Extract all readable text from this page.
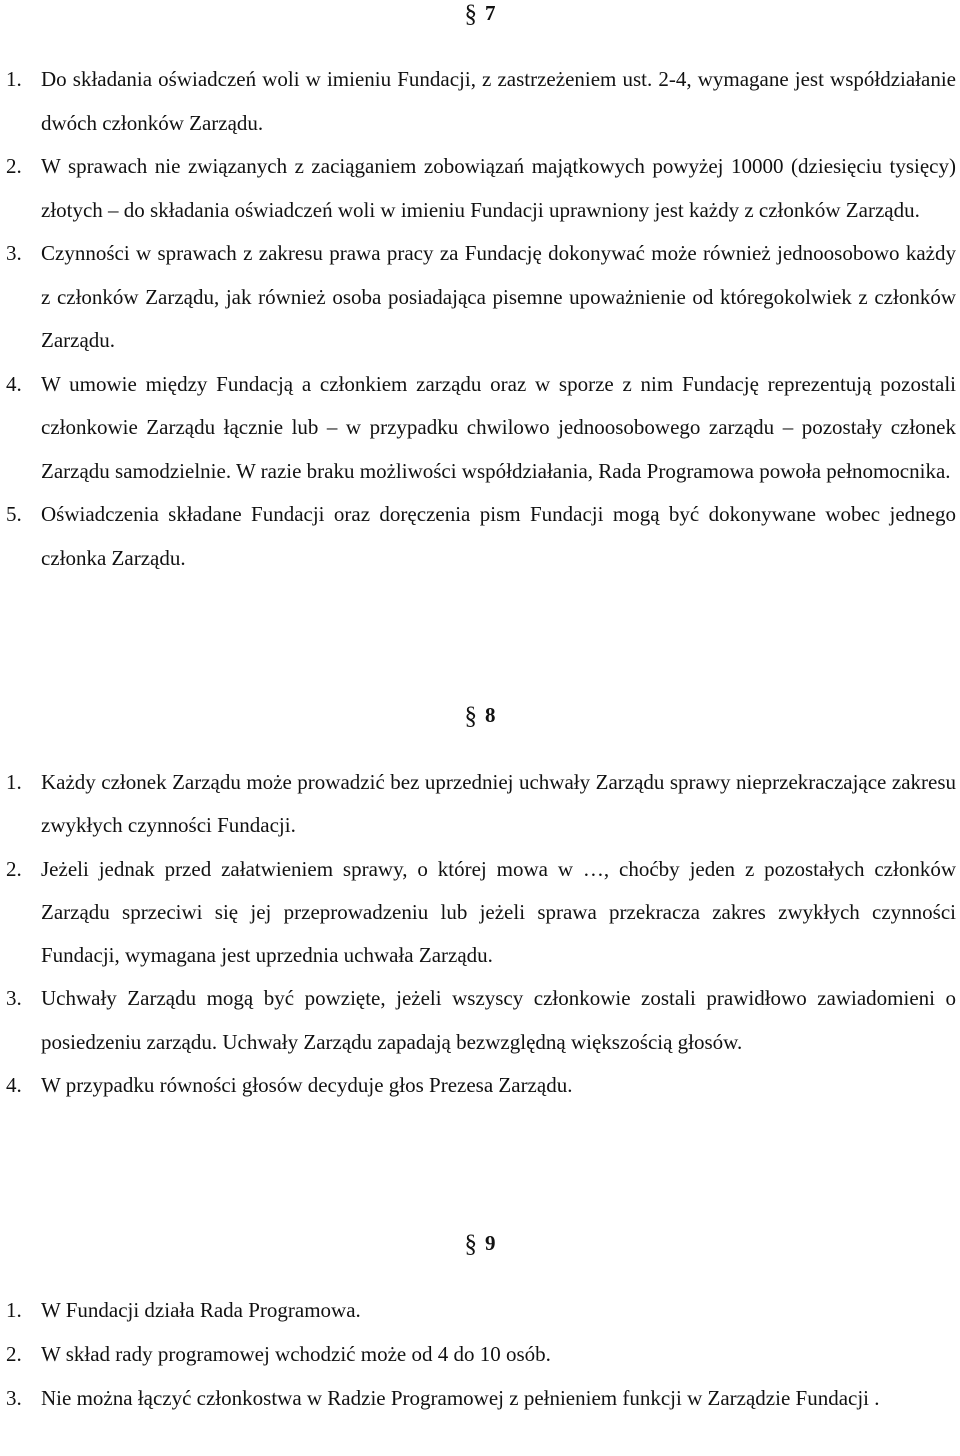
§ 7
1. Do składania oświadczeń woli w imieniu Fundacji, z zastrzeżeniem ust. 2-4, wymagane jest współdziałanie dwóch członków Zarządu.
2. W sprawach nie związanych z zaciąganiem zobowiązań majątkowych powyżej 10000 (dziesięciu tysięcy) złotych – do składania oświadczeń woli w imieniu Fundacji uprawniony jest każdy z członków Zarządu.
3. Czynności w sprawach z zakresu prawa pracy za Fundację dokonywać może również jednoosobowo każdy z członków Zarządu, jak również osoba posiadająca pisemne upoważnienie od któregokolwiek z członków Zarządu.
4. W umowie między Fundacją a członkiem zarządu oraz w sporze z nim Fundację reprezentują pozostali członkowie Zarządu łącznie lub – w przypadku chwilowo jednoosobowego zarządu – pozostały członek Zarządu samodzielnie. W razie braku możliwości współdziałania, Rada Programowa powoła pełnomocnika.
5. Oświadczenia składane Fundacji oraz doręczenia pism Fundacji mogą być dokonywane wobec jednego członka Zarządu.
§ 8
1. Każdy członek Zarządu może prowadzić bez uprzedniej uchwały Zarządu sprawy nieprzekraczające zakresu zwykłych czynności Fundacji.
2. Jeżeli jednak przed załatwieniem sprawy, o której mowa w …, choćby jeden z pozostałych członków Zarządu sprzeciwi się jej przeprowadzeniu lub jeżeli sprawa przekracza zakres zwykłych czynności Fundacji, wymagana jest uprzednia uchwała Zarządu.
3. Uchwały Zarządu mogą być powzięte, jeżeli wszyscy członkowie zostali prawidłowo zawiadomieni o posiedzeniu zarządu. Uchwały Zarządu zapadają bezwzględną większością głosów.
4. W przypadku równości głosów decyduje głos Prezesa Zarządu.
§ 9
1. W Fundacji działa Rada Programowa.
2. W skład rady programowej wchodzić może od 4 do 10 osób.
3. Nie można łączyć członkostwa w Radzie Programowej z pełnieniem funkcji w Zarządzie Fundacji .
